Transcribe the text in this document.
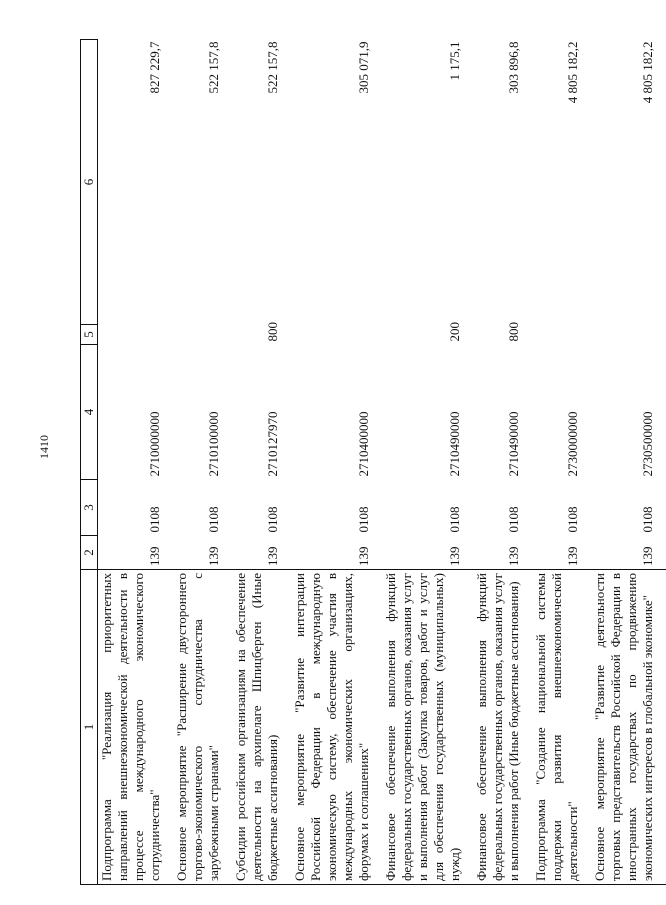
1410
1	2	3	4	5	6
Подпрограмма "Реализация приоритетных направлений внешнеэкономической деятельности в процессе международного экономического сотрудничества"	139	0108	2710000000		827 229,7
Основное мероприятие "Расширение двустороннего торгово-экономического сотрудничества с зарубежными странами"	139	0108	2710100000		522 157,8
Субсидии российским организациям на обеспечение деятельности на архипелаге Шпицберген (Иные бюджетные ассигнования)	139	0108	2710127970	800	522 157,8
Основное мероприятие "Развитие интеграции Российской Федерации в международную экономическую систему, обеспечение участия в международных экономических организациях, форумах и соглашениях"	139	0108	2710400000		305 071,9
Финансовое обеспечение выполнения функций федеральных государственных органов, оказания услуг и выполнения работ (Закупка товаров, работ и услуг для обеспечения государственных (муниципальных) нужд)	139	0108	2710490000	200	1 175,1
Финансовое обеспечение выполнения функций федеральных государственных органов, оказания услуг и выполнения работ (Иные бюджетные ассигнования)	139	0108	2710490000	800	303 896,8
Подпрограмма "Создание национальной системы поддержки развития внешнеэкономической деятельности"	139	0108	2730000000		4 805 182,2
Основное мероприятие "Развитие деятельности торговых представительств Российской Федерации в иностранных государствах по продвижению экономических интересов в глобальной экономике"	139	0108	2730500000		4 805 182,2
